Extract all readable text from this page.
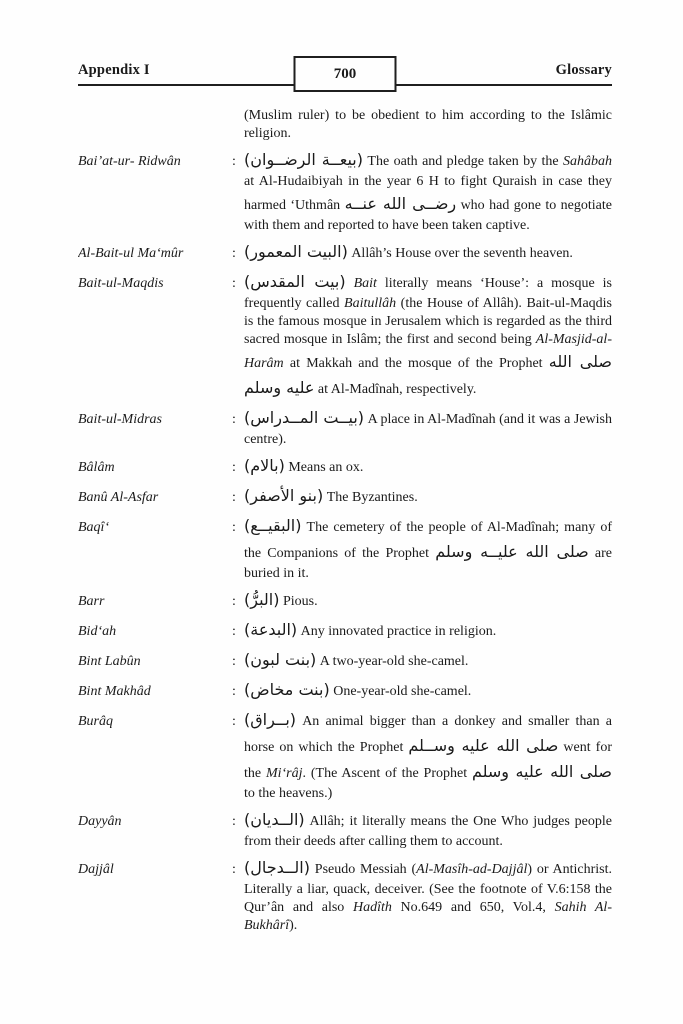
Appendix I	700	Glossary
(Muslim ruler) to be obedient to him according to the Islâmic religion.
Bai’at-ur- Ridwân	: (بيعــة الرضــوان) The oath and pledge taken by the Sahâbah at Al-Hudaibiyah in the year 6 H to fight Quraish in case they harmed ‘Uthmân رضــى الله عنــه who had gone to negotiate with them and reported to have been taken captive.
Al-Bait-ul Ma‘mûr	: (البيت المعمور) Allâh’s House over the seventh heaven.
Bait-ul-Maqdis	: (بيت المقدس) Bait literally means ‘House’: a mosque is frequently called Baitullâh (the House of Allâh). Bait-ul-Maqdis is the famous mosque in Jerusalem which is regarded as the third sacred mosque in Islâm; the first and second being Al-Masjid-al-Harâm at Makkah and the mosque of the Prophet صلى الله عليه وسلم at Al-Madînah, respectively.
Bait-ul-Midras	: (بيــت المــدراس) A place in Al-Madînah (and it was a Jewish centre).
Bâlâm	: (بالام) Means an ox.
Banû Al-Asfar	: (بنو الأصفر) The Byzantines.
Baqî‘	: (البقيــع) The cemetery of the people of Al-Madînah; many of the Companions of the Prophet صلى الله عليــه وسلم are buried in it.
Barr	: (البرُّ) Pious.
Bid‘ah	: (البدعة) Any innovated practice in religion.
Bint Labûn	: (بنت لبون) A two-year-old she-camel.
Bint Makhâd	: (بنت مخاض) One-year-old she-camel.
Burâq	: (بــراق) An animal bigger than a donkey and smaller than a horse on which the Prophet صلى الله عليه وســلم went for the Mi‘râj. (The Ascent of the Prophet صلى الله عليه وسلم to the heavens.)
Dayyân	: (الــديان) Allâh; it literally means the One Who judges people from their deeds after calling them to account.
Dajjâl	: (الــدجال) Pseudo Messiah (Al-Masîh-ad-Dajjâl) or Antichrist. Literally a liar, quack, deceiver. (See the footnote of V.6:158 the Qur’ân and also Hadîth No.649 and 650, Vol.4, Sahih Al-Bukhârî).
